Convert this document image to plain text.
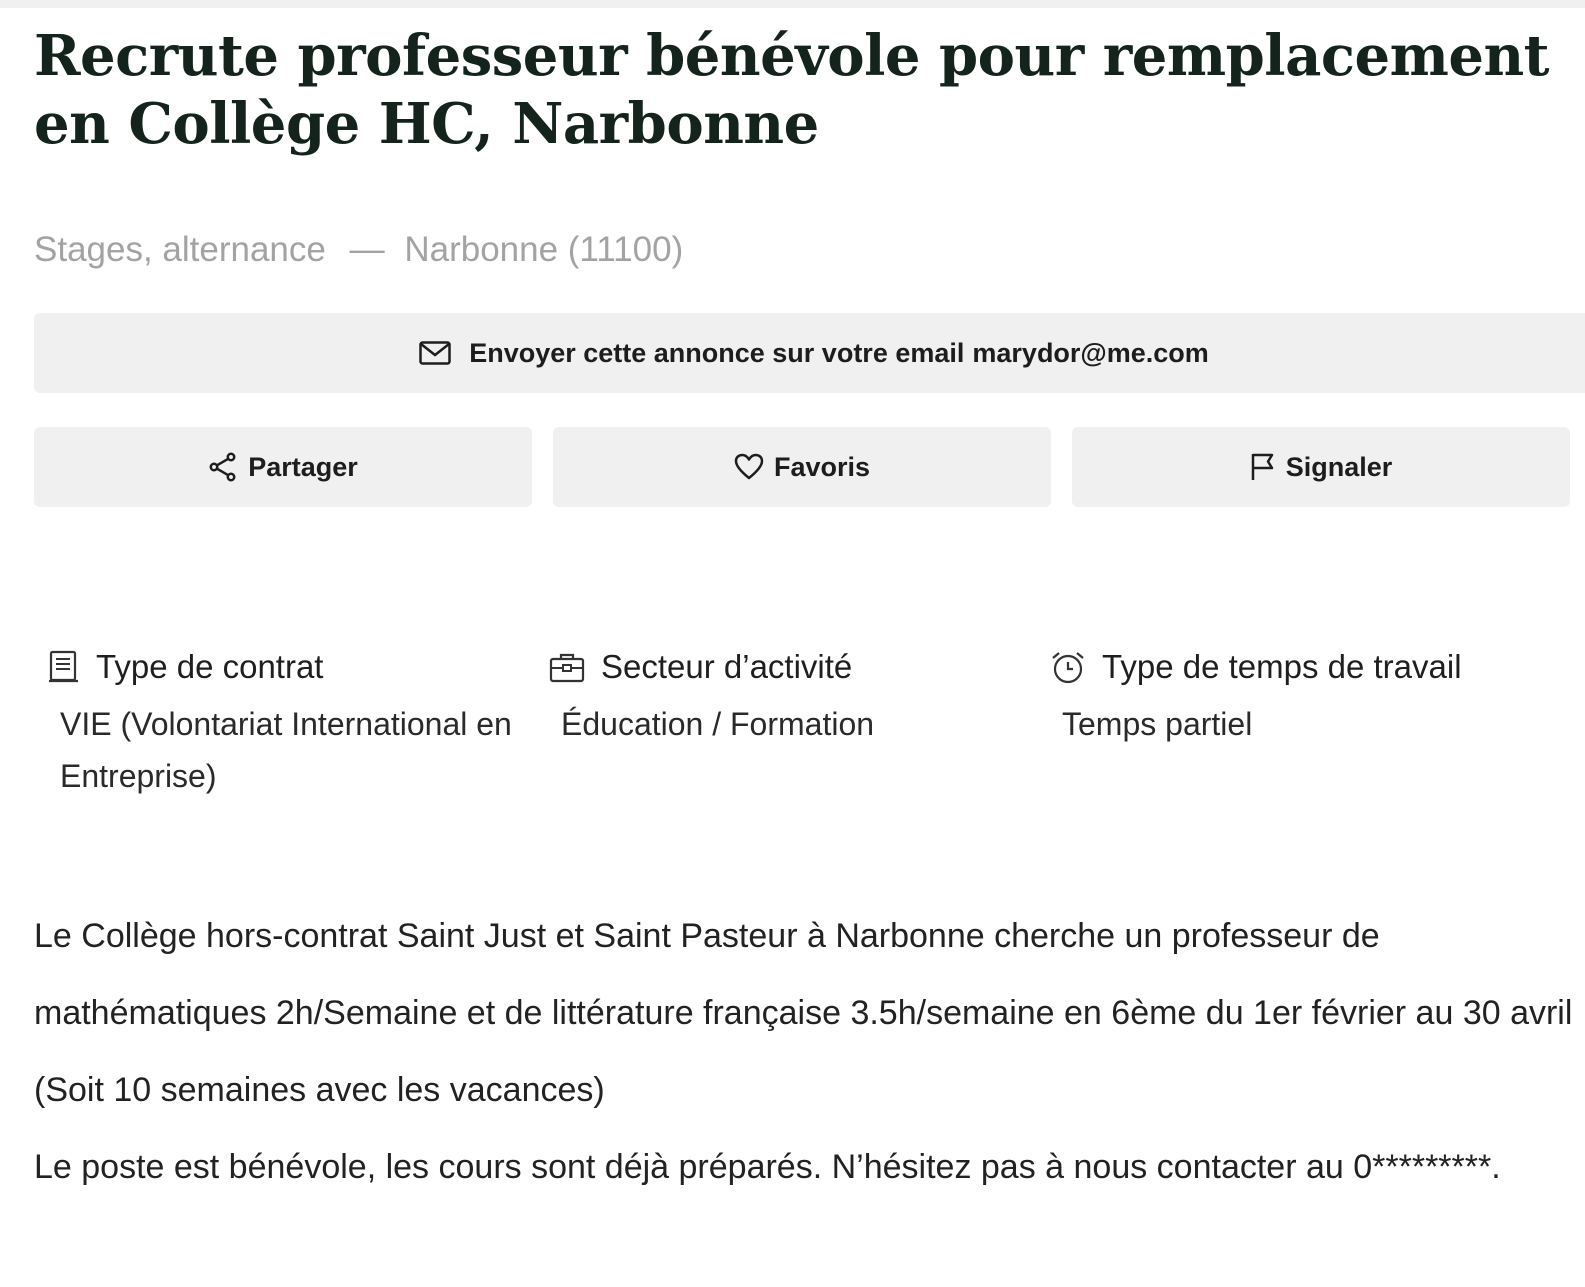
Recrute professeur bénévole pour remplacement en Collège HC, Narbonne
Stages, alternance — Narbonne (11100)
Envoyer cette annonce sur votre email marydor@me.com
Partager	Favoris	Signaler
Type de contrat
VIE (Volontariat International en Entreprise)
Secteur d’activité
Éducation / Formation
Type de temps de travail
Temps partiel

Le Collège hors-contrat Saint Just et Saint Pasteur à Narbonne cherche un professeur de mathématiques 2h/Semaine et de littérature française 3.5h/semaine en 6ème du 1er février au 30 avril (Soit 10 semaines avec les vacances)

Le poste est bénévole, les cours sont déjà préparés. N’hésitez pas à nous contacter au 0*********.
